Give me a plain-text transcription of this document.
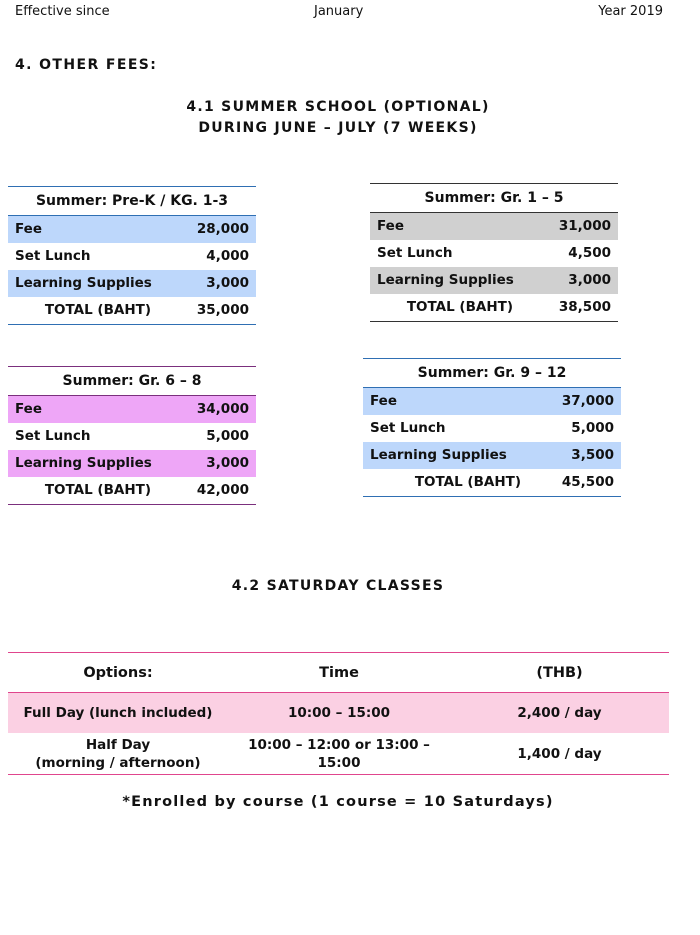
Effective since	January	Year 2019
4. OTHER FEES:
4.1 SUMMER SCHOOL (OPTIONAL)
DURING JUNE – JULY (7 WEEKS)
Summer: Pre-K / KG. 1-3
Fee	28,000
Set Lunch	4,000
Learning Supplies	3,000
TOTAL (BAHT)	35,000
Summer: Gr. 1 – 5
Fee	31,000
Set Lunch	4,500
Learning Supplies	3,000
TOTAL (BAHT)	38,500
Summer: Gr. 6 – 8
Fee	34,000
Set Lunch	5,000
Learning Supplies	3,000
TOTAL (BAHT)	42,000
Summer: Gr. 9 – 12
Fee	37,000
Set Lunch	5,000
Learning Supplies	3,500
TOTAL (BAHT)	45,500
4.2 SATURDAY CLASSES
Options:	Time	(THB)
Full Day (lunch included)	10:00 – 15:00	2,400 / day

Half Day
(morning / afternoon)	10:00 – 12:00 or 13:00 – 15:00	1,400 / day
*Enrolled by course (1 course = 10 Saturdays)
